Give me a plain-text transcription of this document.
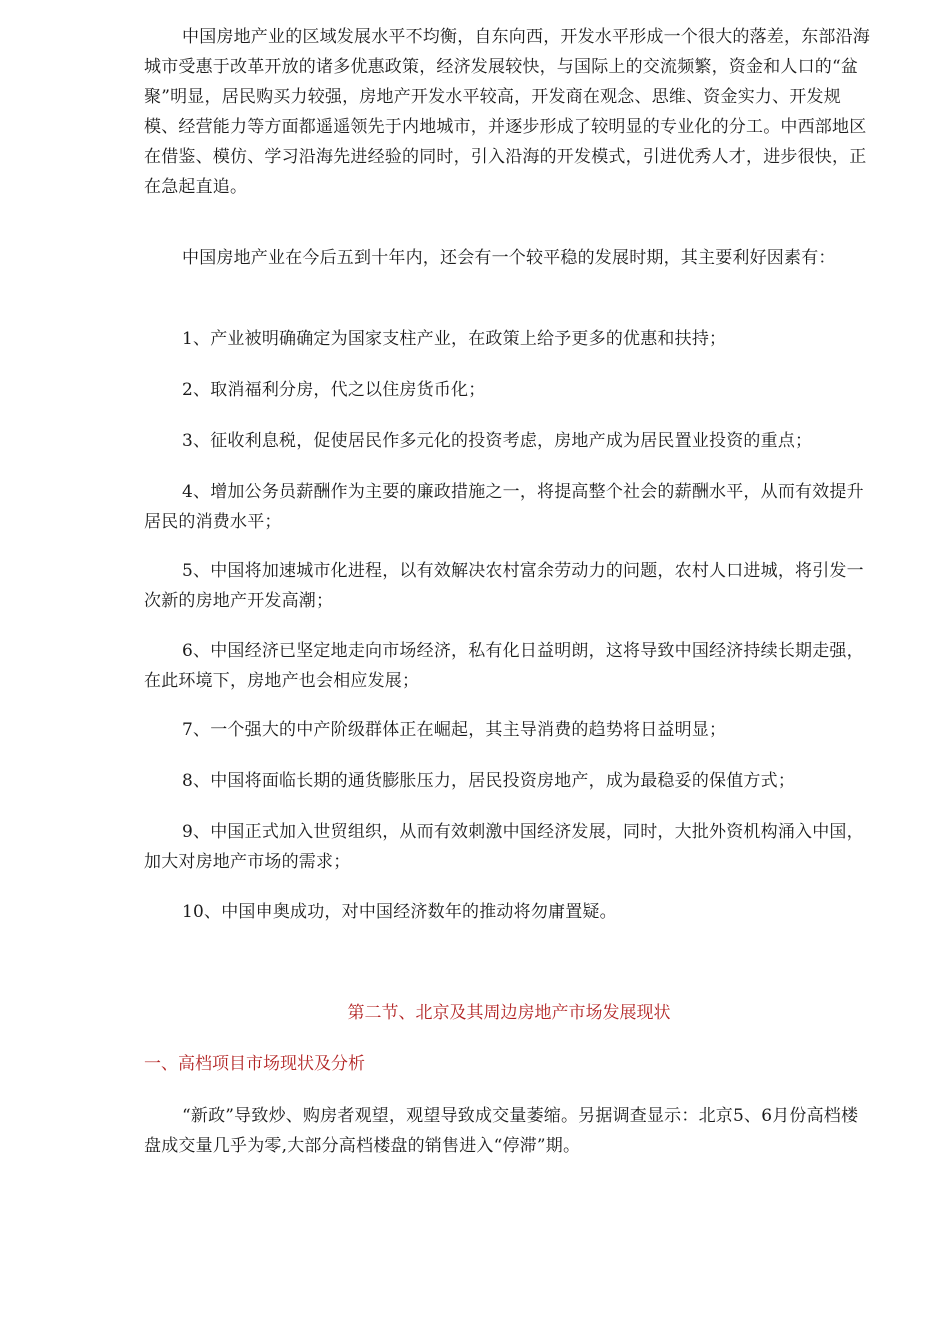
中国房地产业的区域发展水平不均衡，自东向西，开发水平形成一个很大的落差，东部沿海城市受惠于改革开放的诸多优惠政策，经济发展较快，与国际上的交流频繁，资金和人口的“盆聚”明显，居民购买力较强，房地产开发水平较高，开发商在观念、思维、资金实力、开发规模、经营能力等方面都遥遥领先于内地城市，并逐步形成了较明显的专业化的分工。中西部地区在借鉴、模仿、学习沿海先进经验的同时，引入沿海的开发模式，引进优秀人才，进步很快，正在急起直追。

中国房地产业在今后五到十年内，还会有一个较平稳的发展时期，其主要利好因素有：

1、产业被明确确定为国家支柱产业，在政策上给予更多的优惠和扶持；

2、取消福利分房，代之以住房货币化；

3、征收利息税，促使居民作多元化的投资考虑，房地产成为居民置业投资的重点；

4、增加公务员薪酬作为主要的廉政措施之一，将提高整个社会的薪酬水平，从而有效提升居民的消费水平；

5、中国将加速城市化进程，以有效解决农村富余劳动力的问题，农村人口进城，将引发一次新的房地产开发高潮；

6、中国经济已坚定地走向市场经济，私有化日益明朗，这将导致中国经济持续长期走强，在此环境下，房地产也会相应发展；

7、一个强大的中产阶级群体正在崛起，其主导消费的趋势将日益明显；

8、中国将面临长期的通货膨胀压力，居民投资房地产，成为最稳妥的保值方式；

9、中国正式加入世贸组织，从而有效刺激中国经济发展，同时，大批外资机构涌入中国，加大对房地产市场的需求；

10、中国申奥成功，对中国经济数年的推动将勿庸置疑。

第二节、北京及其周边房地产市场发展现状
一、高档项目市场现状及分析

“新政”导致炒、购房者观望，观望导致成交量萎缩。另据调查显示：北京5、6月份高档楼盘成交量几乎为零,大部分高档楼盘的销售进入“停滞”期。
